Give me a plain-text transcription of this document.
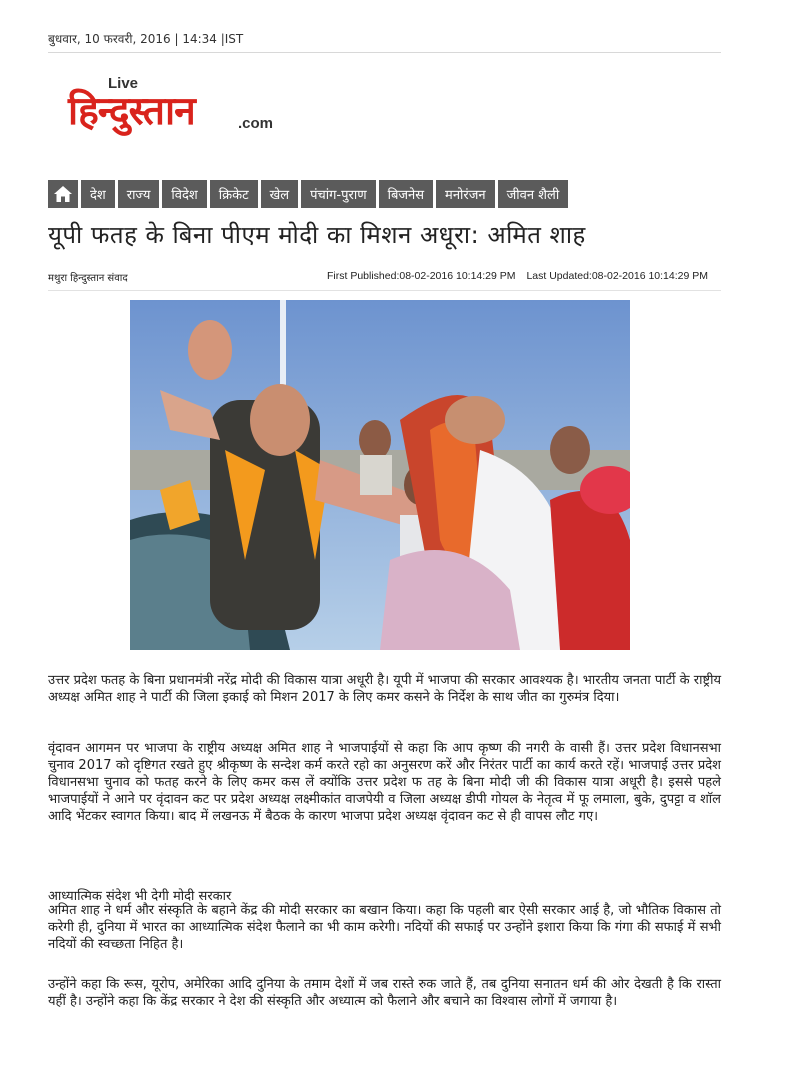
बुधवार, 10 फरवरी, 2016 | 14:34 |IST
Live
हिन्दुस्तान	.com
देश	राज्य	विदेश	क्रिकेट	खेल	पंचांग-पुराण	बिजनेस	मनोरंजन	जीवन शैली
यूपी फतह के बिना पीएम मोदी का मिशन अधूरा: अमित शाह
मथुरा हिन्दुस्तान संवाद	First Published:08-02-2016 10:14:29 PM Last Updated:08-02-2016 10:14:29 PM

उत्तर प्रदेश फतह के बिना प्रधानमंत्री नरेंद्र मोदी की विकास यात्रा अधूरी है। यूपी में भाजपा की सरकार आवश्यक है। भारतीय जनता पार्टी के राष्ट्रीय अध्यक्ष अमित शाह ने पार्टी की जिला इकाई को मिशन 2017 के लिए कमर कसने के निर्देश के साथ जीत का गुरुमंत्र दिया।

वृंदावन आगमन पर भाजपा के राष्ट्रीय अध्यक्ष अमित शाह ने भाजपाईयों से कहा कि आप कृष्ण की नगरी के वासी हैं। उत्तर प्रदेश विधानसभा चुनाव 2017 को दृष्टिगत रखते हुए श्रीकृष्ण के सन्देश कर्म करते रहो का अनुसरण करें और निरंतर पार्टी का कार्य करते रहें। भाजपाई उत्तर प्रदेश विधानसभा चुनाव को फतह करने के लिए कमर कस लें क्योंकि उत्तर प्रदेश फ तह के बिना मोदी जी की विकास यात्रा अधूरी है। इससे पहले भाजपाईयों ने आने पर वृंदावन कट पर प्रदेश अध्यक्ष लक्ष्मीकांत वाजपेयी व जिला अध्यक्ष डीपी गोयल के नेतृत्व में फू लमाला, बुके, दुपट्टा व शाॅल आदि भेंटकर स्वागत किया। बाद में लखनऊ में बैठक के कारण भाजपा प्रदेश अध्यक्ष वृंदावन कट से ही वापस लौट गए।

आध्यात्मिक संदेश भी देगी मोदी सरकार

अमित शाह ने धर्म और संस्कृति के बहाने केंद्र की मोदी सरकार का बखान किया। कहा कि पहली बार ऐसी सरकार आई है, जो भौतिक विकास तो करेगी ही, दुनिया में भारत का आध्यात्मिक संदेश फैलाने का भी काम करेगी। नदियों की सफाई पर उन्होंने इशारा किया कि गंगा की सफाई में सभी नदियों की स्वच्छता निहित है।

उन्होंने कहा कि रूस, यूरोप, अमेरिका आदि दुनिया के तमाम देशों में जब रास्ते रुक जाते हैं, तब दुनिया सनातन धर्म की ओर देखती है कि रास्ता यहीं है। उन्होंने कहा कि केंद्र सरकार ने देश की संस्कृति और अध्यात्म को फैलाने और बचाने का विश्वास लोगों में जगाया है।
